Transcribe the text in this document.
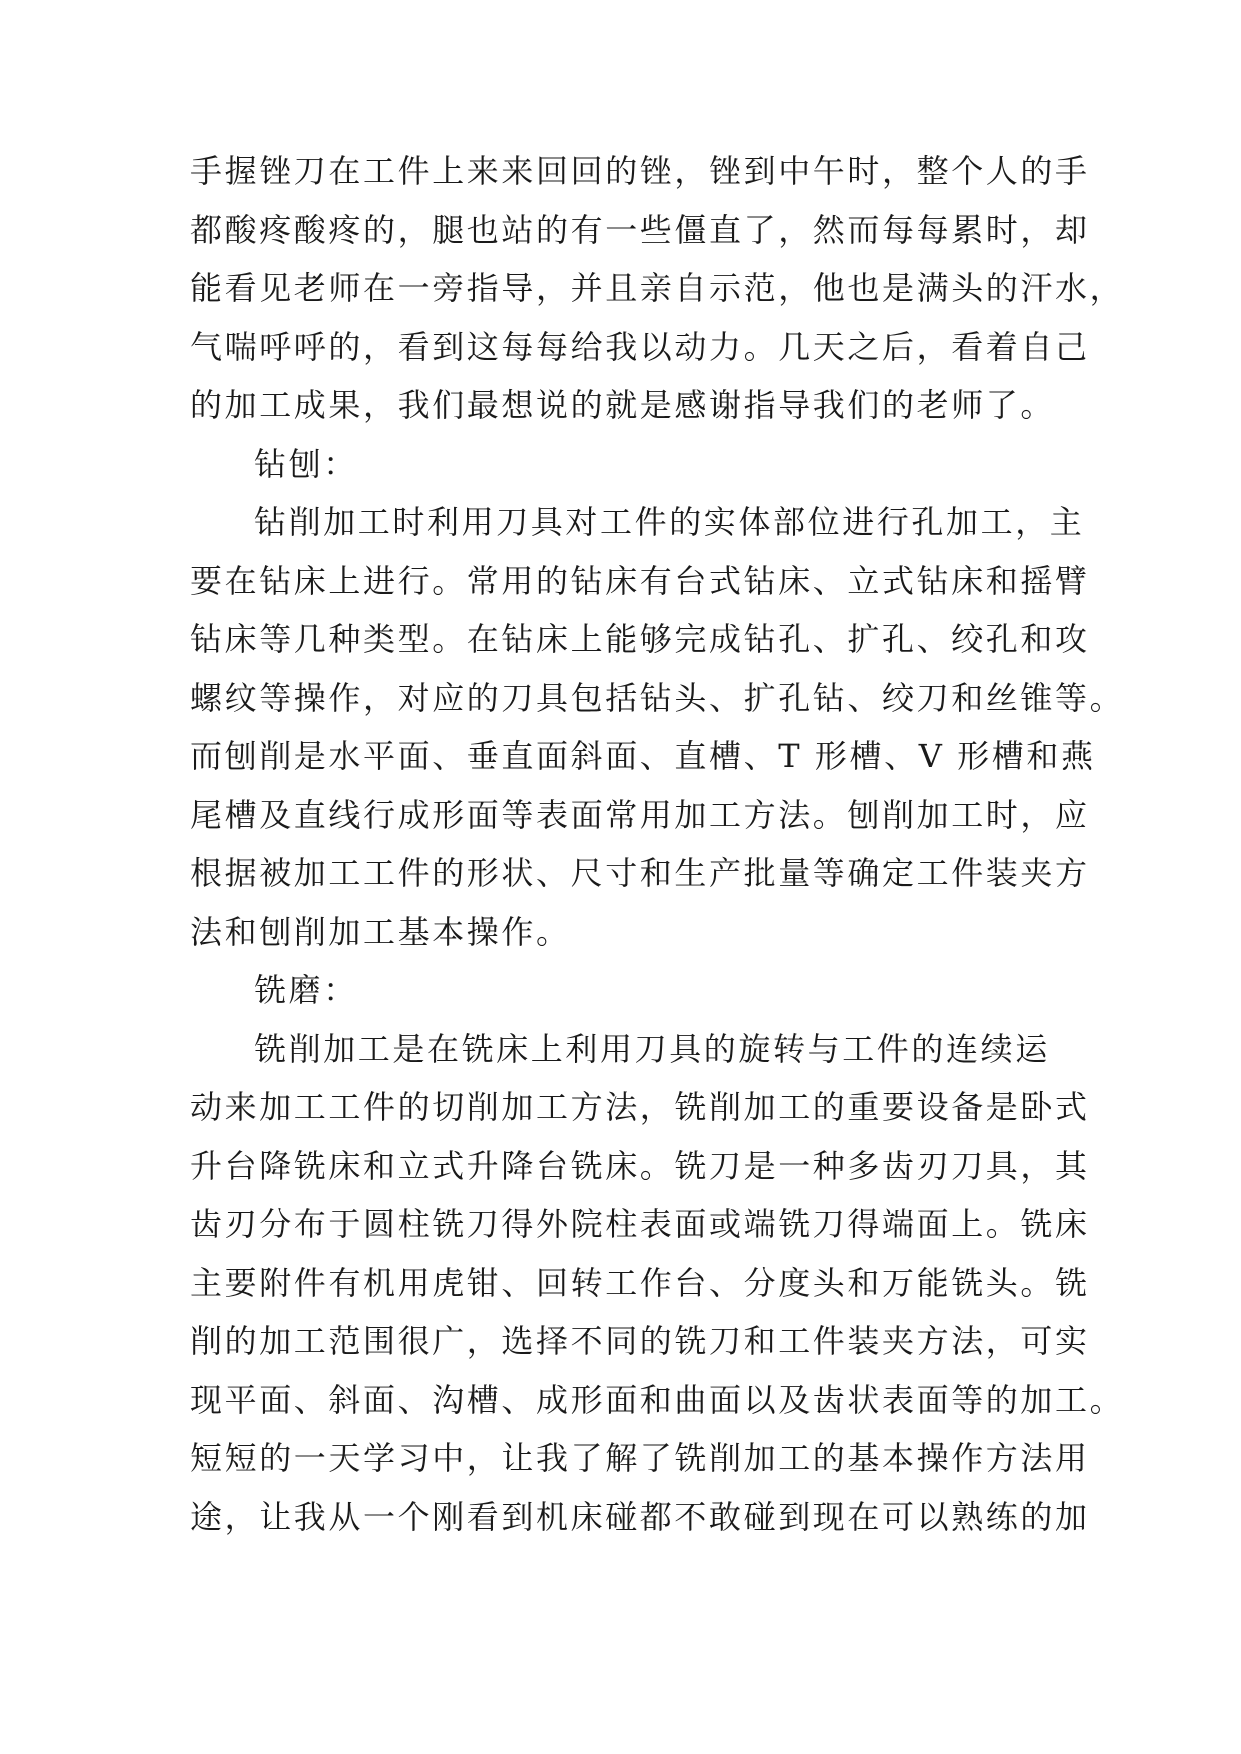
手握锉刀在工件上来来回回的锉，锉到中午时，整个人的手
都酸疼酸疼的，腿也站的有一些僵直了，然而每每累时，却
能看见老师在一旁指导，并且亲自示范，他也是满头的汗水，
气喘呼呼的，看到这每每给我以动力。几天之后，看着自己
的加工成果，我们最想说的就是感谢指导我们的老师了。
钻刨：
钻削加工时利用刀具对工件的实体部位进行孔加工，主
要在钻床上进行。常用的钻床有台式钻床、立式钻床和摇臂
钻床等几种类型。在钻床上能够完成钻孔、扩孔、绞孔和攻
螺纹等操作，对应的刀具包括钻头、扩孔钻、绞刀和丝锥等。
而刨削是水平面、垂直面斜面、直槽、T 形槽、V 形槽和燕
尾槽及直线行成形面等表面常用加工方法。刨削加工时，应
根据被加工工件的形状、尺寸和生产批量等确定工件装夹方
法和刨削加工基本操作。
铣磨：
铣削加工是在铣床上利用刀具的旋转与工件的连续运
动来加工工件的切削加工方法，铣削加工的重要设备是卧式
升台降铣床和立式升降台铣床。铣刀是一种多齿刃刀具，其
齿刃分布于圆柱铣刀得外院柱表面或端铣刀得端面上。铣床
主要附件有机用虎钳、回转工作台、分度头和万能铣头。铣
削的加工范围很广，选择不同的铣刀和工件装夹方法，可实
现平面、斜面、沟槽、成形面和曲面以及齿状表面等的加工。
短短的一天学习中，让我了解了铣削加工的基本操作方法用
途，让我从一个刚看到机床碰都不敢碰到现在可以熟练的加
